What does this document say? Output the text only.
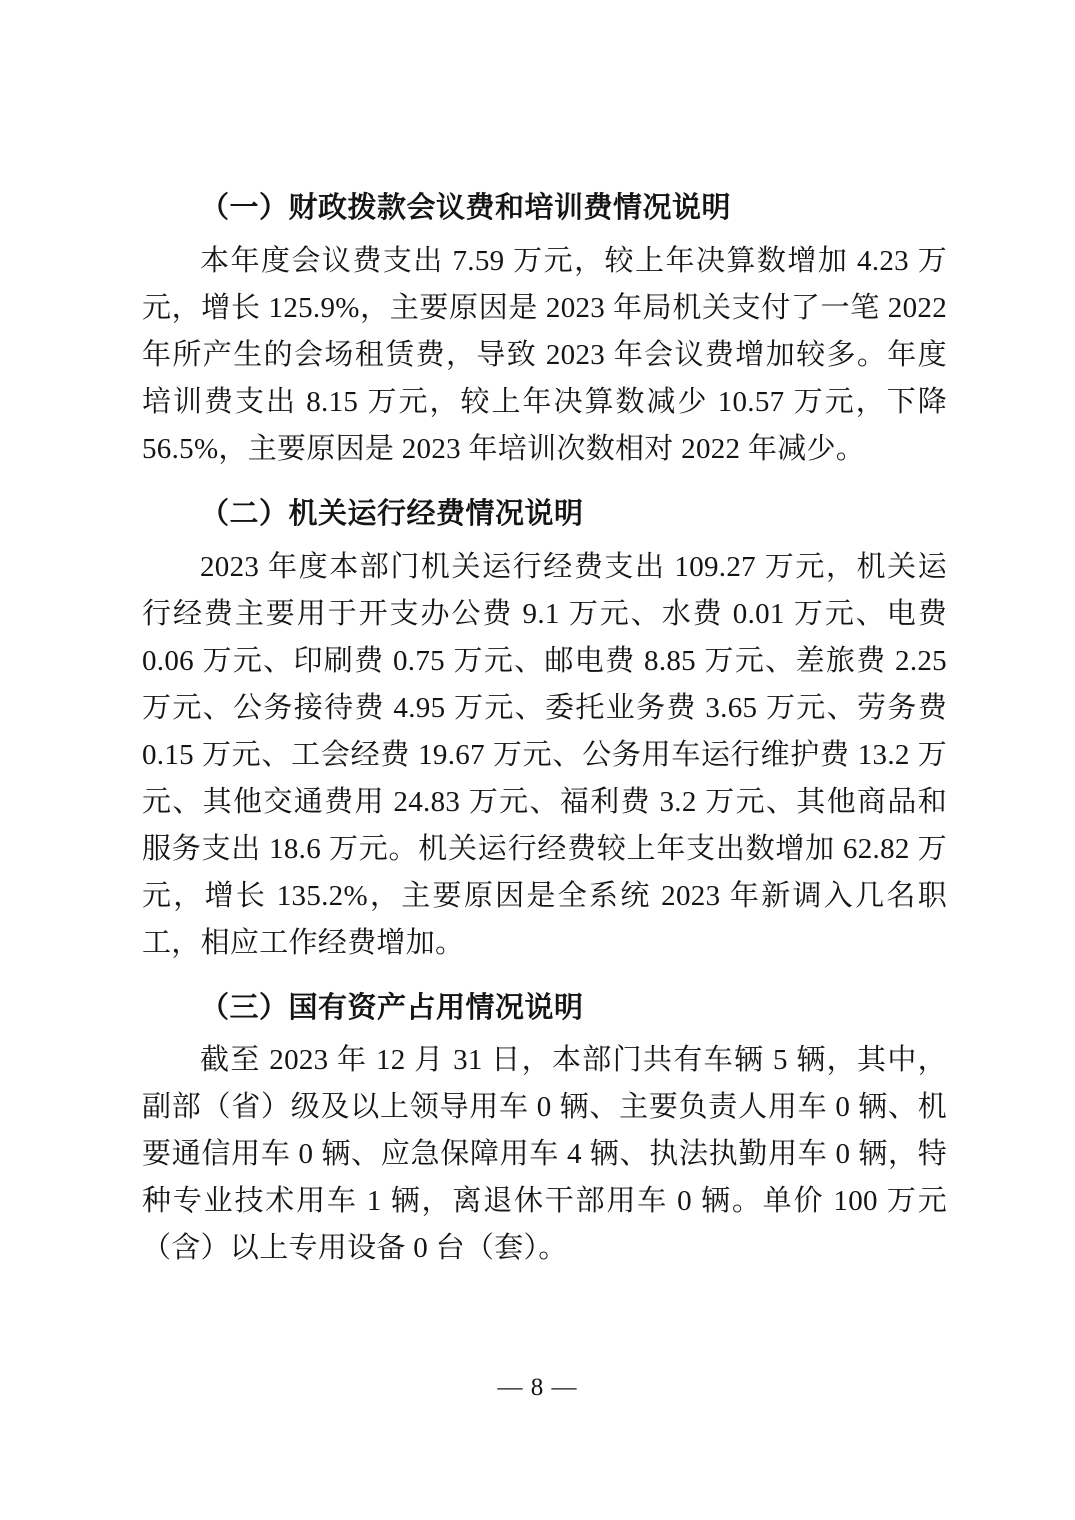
（一）财政拨款会议费和培训费情况说明

本年度会议费支出 7.59 万元，较上年决算数增加 4.23 万元，增长 125.9%，主要原因是 2023 年局机关支付了一笔 2022 年所产生的会场租赁费，导致 2023 年会议费增加较多。年度培训费支出 8.15 万元，较上年决算数减少 10.57 万元，下降 56.5%，主要原因是 2023 年培训次数相对 2022 年减少。

（二）机关运行经费情况说明

2023 年度本部门机关运行经费支出 109.27 万元，机关运行经费主要用于开支办公费 9.1 万元、水费 0.01 万元、电费 0.06 万元、印刷费 0.75 万元、邮电费 8.85 万元、差旅费 2.25 万元、公务接待费 4.95 万元、委托业务费 3.65 万元、劳务费 0.15 万元、工会经费 19.67 万元、公务用车运行维护费 13.2 万元、其他交通费用 24.83 万元、福利费 3.2 万元、其他商品和服务支出 18.6 万元。机关运行经费较上年支出数增加 62.82 万元，增长 135.2%，主要原因是全系统 2023 年新调入几名职工，相应工作经费增加。

（三）国有资产占用情况说明

截至 2023 年 12 月 31 日，本部门共有车辆 5 辆，其中，副部（省）级及以上领导用车 0 辆、主要负责人用车 0 辆、机要通信用车 0 辆、应急保障用车 4 辆、执法执勤用车 0 辆，特种专业技术用车 1 辆，离退休干部用车 0 辆。单价 100 万元（含）以上专用设备 0 台（套）。

— 8 —
